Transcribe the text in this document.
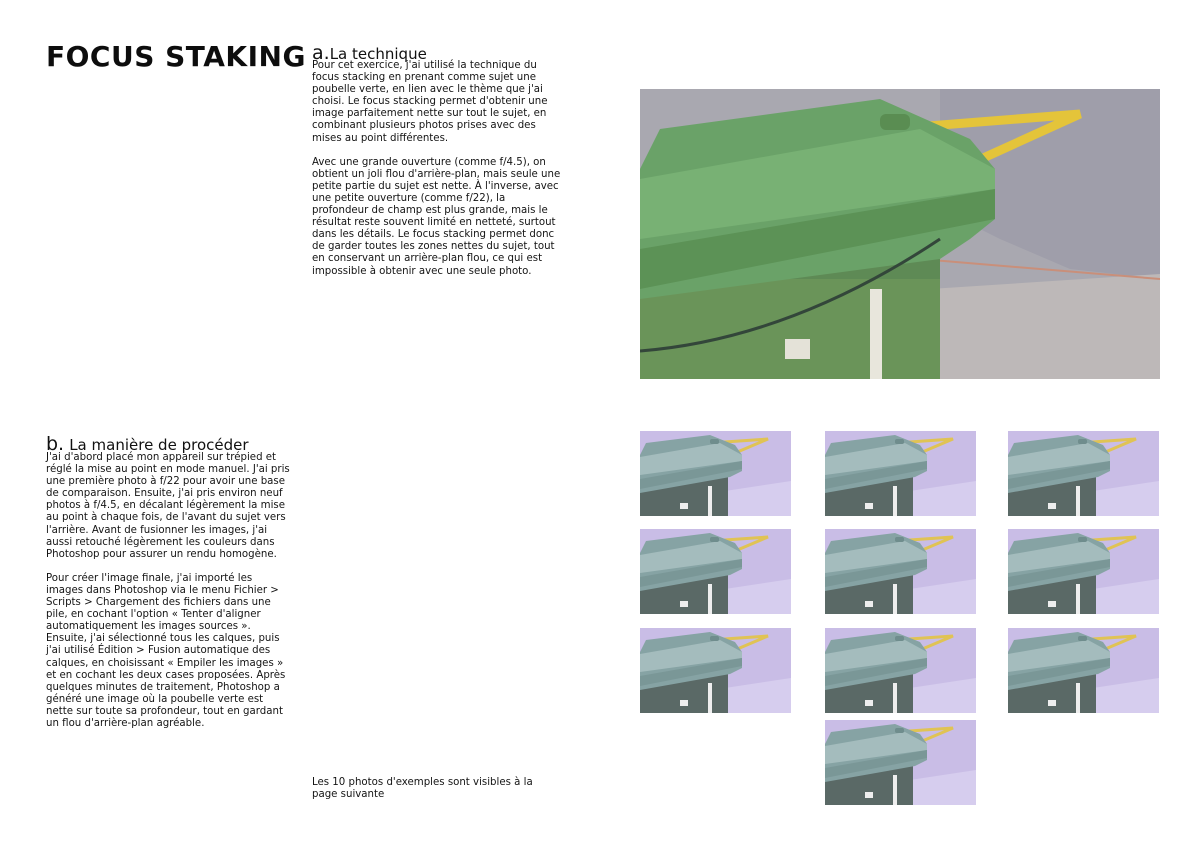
FOCUS STAKING a.La technique

Pour cet exercice, j'ai utilisé la technique du focus stacking en prenant comme sujet une poubelle verte, en lien avec le thème que j'ai choisi. Le focus stacking permet d'obtenir une image parfaitement nette sur tout le sujet, en combinant plusieurs photos prises avec des mises au point différentes.

Avec une grande ouverture (comme f/4.5), on obtient un joli flou d'arrière-plan, mais seule une petite partie du sujet est nette. À l'inverse, avec une petite ouverture (comme f/22), la profondeur de champ est plus grande, mais le résultat reste souvent limité en netteté, surtout dans les détails. Le focus stacking permet donc de garder toutes les zones nettes du sujet, tout en conservant un arrière-plan flou, ce qui est impossible à obtenir avec une seule photo.

b. La manière de procéder

J'ai d'abord placé mon appareil sur trépied et réglé la mise au point en mode manuel. J'ai pris une première photo à f/22 pour avoir une base de comparaison. Ensuite, j'ai pris environ neuf photos à f/4.5, en décalant légèrement la mise au point à chaque fois, de l'avant du sujet vers l'arrière. Avant de fusionner les images, j'ai aussi retouché légèrement les couleurs dans Photoshop pour assurer un rendu homogène.

Pour créer l'image finale, j'ai importé les images dans Photoshop via le menu Fichier > Scripts > Chargement des fichiers dans une pile, en cochant l'option « Tenter d'aligner automatiquement les images sources ». Ensuite, j'ai sélectionné tous les calques, puis j'ai utilisé Édition > Fusion automatique des calques, en choisissant « Empiler les images » et en cochant les deux cases proposées. Après quelques minutes de traitement, Photoshop a généré une image où la poubelle verte est nette sur toute sa profondeur, tout en gardant un flou d'arrière-plan agréable.

Les 10 photos d'exemples sont visibles à la page suivante
